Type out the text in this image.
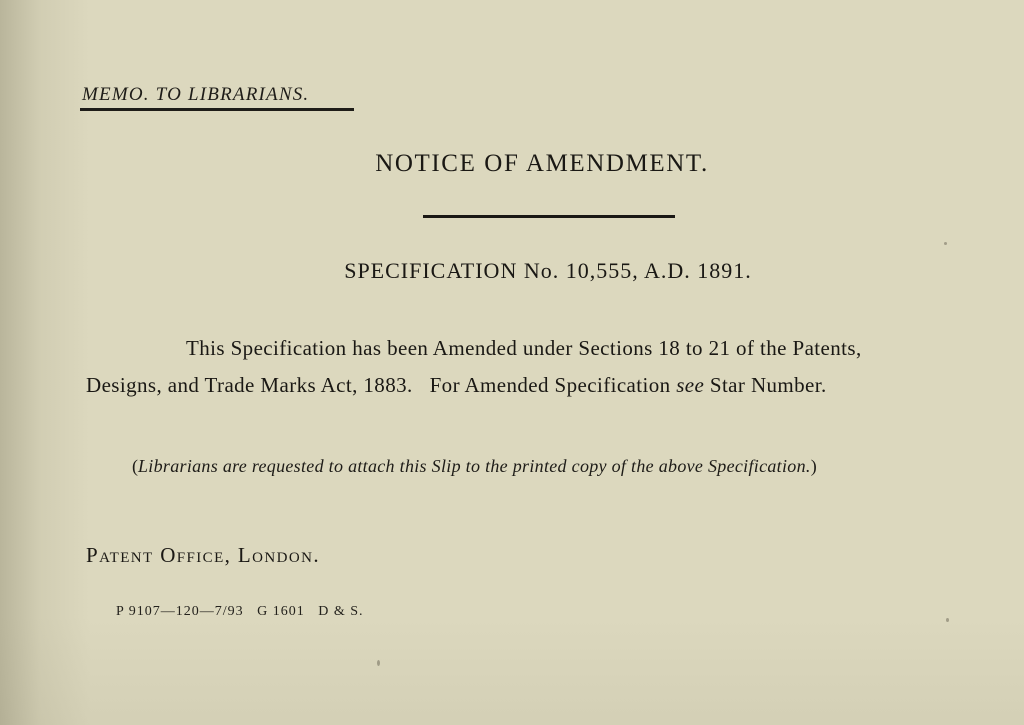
MEMO. TO LIBRARIANS.
NOTICE OF AMENDMENT.
SPECIFICATION No. 10,555, A.D. 1891.
This Specification has been Amended under Sections 18 to 21 of the Patents,
Designs, and Trade Marks Act, 1883.   For Amended Specification see Star Number.
(Librarians are requested to attach this Slip to the printed copy of the above Specification.)
Patent Office, London.
P 9107—120—7/93   G 1601   D & S.
